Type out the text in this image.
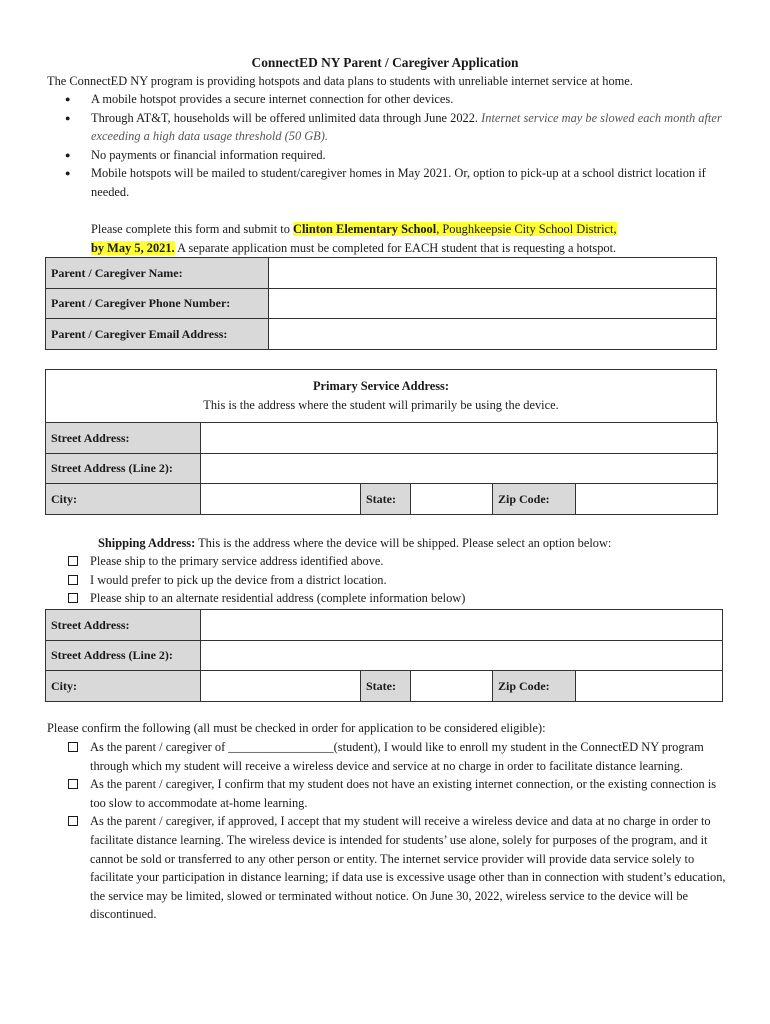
ConnectED NY Parent / Caregiver Application
The ConnectED NY program is providing hotspots and data plans to students with unreliable internet service at home.
● A mobile hotspot provides a secure internet connection for other devices.
● Through AT&T, households will be offered unlimited data through June 2022. Internet service may be slowed each month after exceeding a high data usage threshold (50 GB).
● No payments or financial information required.
● Mobile hotspots will be mailed to student/caregiver homes in May 2021. Or, option to pick-up at a school district location if needed.
Please complete this form and submit to Clinton Elementary School, Poughkeepsie City School District,
by May 5, 2021. A separate application must be completed for EACH student that is requesting a hotspot.
Parent / Caregiver Name:	
Parent / Caregiver Phone Number:	
Parent / Caregiver Email Address:	
Primary Service Address:
This is the address where the student will primarily be using the device.
Street Address:					
Street Address (Line 2):					
City:		State:		Zip Code:	
Shipping Address: This is the address where the device will be shipped. Please select an option below:
Please ship to the primary service address identified above.
I would prefer to pick up the device from a district location.
Please ship to an alternate residential address (complete information below)
Street Address:					
Street Address (Line 2):					
City:		State:		Zip Code:	
Please confirm the following (all must be checked in order for application to be considered eligible):
As the parent / caregiver of _________________(student), I would like to enroll my student in the ConnectED NY program through which my student will receive a wireless device and service at no charge in order to facilitate distance learning.
As the parent / caregiver, I confirm that my student does not have an existing internet connection, or the existing connection is too slow to accommodate at-home learning.
As the parent / caregiver, if approved, I accept that my student will receive a wireless device and data at no charge in order to facilitate distance learning. The wireless device is intended for students’ use alone, solely for purposes of the program, and it cannot be sold or transferred to any other person or entity. The internet service provider will provide data service solely to facilitate your participation in distance learning; if data use is excessive usage other than in connection with student’s education, the service may be limited, slowed or terminated without notice. On June 30, 2022, wireless service to the device will be discontinued.
